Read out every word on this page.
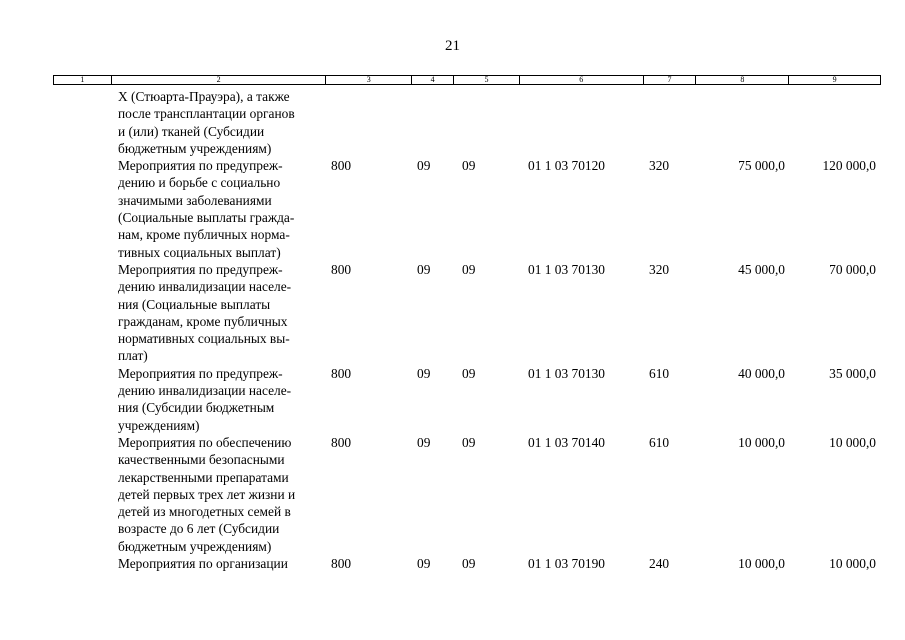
21
1	2	3	4	5	6	7	8	9
Х (Стюарта-Прауэра), а также
после трансплантации органов
и (или) тканей (Субсидии
бюджетным учреждениям)
Мероприятия по предупреж-
дению и борьбе с социально
значимыми заболеваниями
(Социальные выплаты гражда-
нам, кроме публичных норма-
тивных социальных выплат)
800	09 09	01 1 03 70120	320	75 000,0	120 000,0
Мероприятия по предупреж-
дению инвалидизации населе-
ния (Социальные выплаты
гражданам, кроме публичных
нормативных социальных вы-
плат)
800	09 09	01 1 03 70130	320	45 000,0	70 000,0
Мероприятия по предупреж-
дению инвалидизации населе-
ния (Субсидии бюджетным
учреждениям)
800	09 09	01 1 03 70130	610	40 000,0	35 000,0
Мероприятия по обеспечению
качественными безопасными
лекарственными препаратами
детей первых трех лет жизни и
детей из многодетных семей в
возрасте до 6 лет (Субсидии
бюджетным учреждениям)
800	09 09	01 1 03 70140	610	10 000,0	10 000,0
Мероприятия по организации	800	09 09	01 1 03 70190	240	10 000,0	10 000,0
